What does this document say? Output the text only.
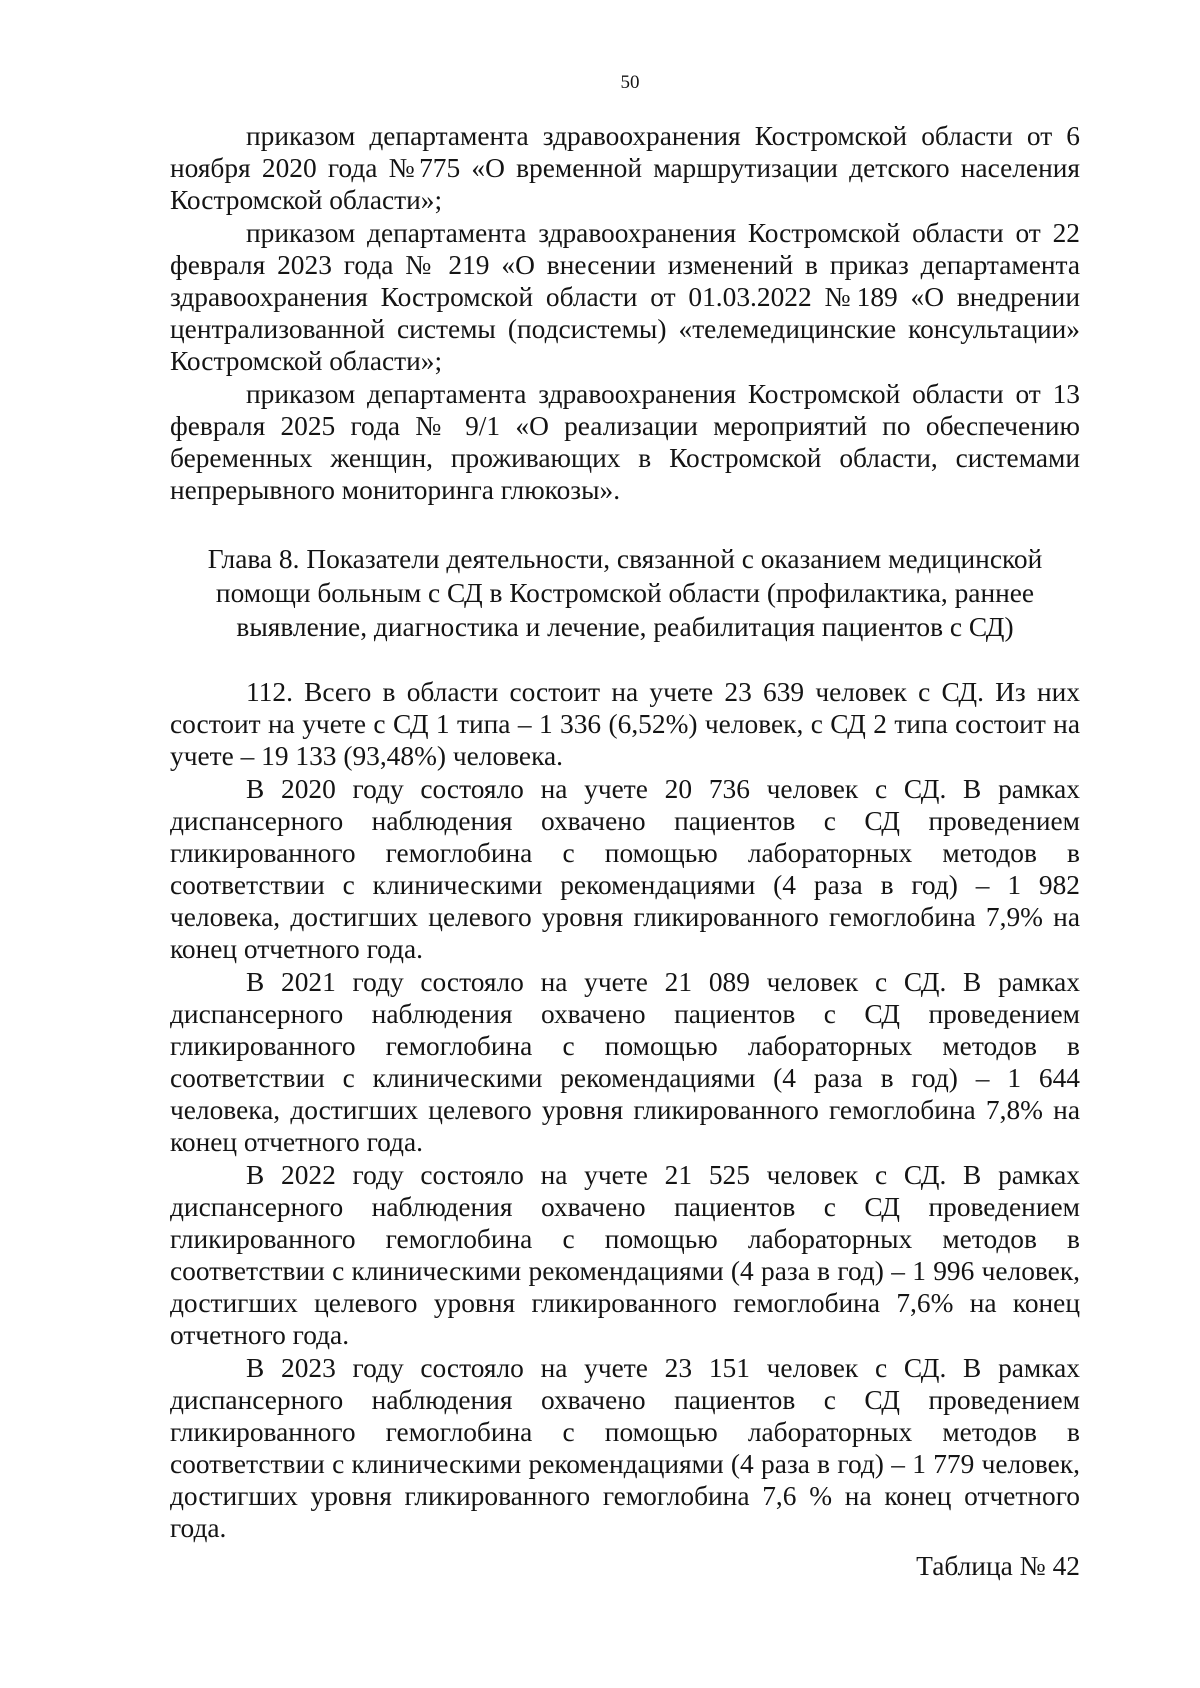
50

приказом департамента здравоохранения Костромской области от 6 ноября 2020 года №775 «О временной маршрутизации детского населения Костромской области»;

приказом департамента здравоохранения Костромской области от 22 февраля 2023 года № 219 «О внесении изменений в приказ департамента здравоохранения Костромской области от 01.03.2022 №189 «О внедрении централизованной системы (подсистемы) «телемедицинские консультации» Костромской области»;

приказом департамента здравоохранения Костромской области от 13 февраля 2025 года № 9/1 «О реализации мероприятий по обеспечению беременных женщин, проживающих в Костромской области, системами непрерывного мониторинга глюкозы».

Глава 8. Показатели деятельности, связанной с оказанием медицинской помощи больным с СД в Костромской области (профилактика, раннее выявление, диагностика и лечение, реабилитация пациентов с СД)

112. Всего в области состоит на учете 23 639 человек с СД. Из них состоит на учете с СД 1 типа – 1 336 (6,52%) человек, с СД 2 типа состоит на учете – 19 133 (93,48%) человека.

В 2020 году состояло на учете 20 736 человек с СД. В рамках диспансерного наблюдения охвачено пациентов с СД проведением гликированного гемоглобина с помощью лабораторных методов в соответствии с клиническими рекомендациями (4 раза в год) – 1 982 человека, достигших целевого уровня гликированного гемоглобина 7,9% на конец отчетного года.

В 2021 году состояло на учете 21 089 человек с СД. В рамках диспансерного наблюдения охвачено пациентов с СД проведением гликированного гемоглобина с помощью лабораторных методов в соответствии с клиническими рекомендациями (4 раза в год) – 1 644 человека, достигших целевого уровня гликированного гемоглобина 7,8% на конец отчетного года.

В 2022 году состояло на учете 21 525 человек с СД. В рамках диспансерного наблюдения охвачено пациентов с СД проведением гликированного гемоглобина с помощью лабораторных методов в соответствии с клиническими рекомендациями (4 раза в год) – 1 996 человек, достигших целевого уровня гликированного гемоглобина 7,6% на конец отчетного года.

В 2023 году состояло на учете 23 151 человек с СД. В рамках диспансерного наблюдения охвачено пациентов с СД проведением гликированного гемоглобина с помощью лабораторных методов в соответствии с клиническими рекомендациями (4 раза в год) – 1 779 человек, достигших уровня гликированного гемоглобина 7,6 % на конец отчетного года.

Таблица № 42
